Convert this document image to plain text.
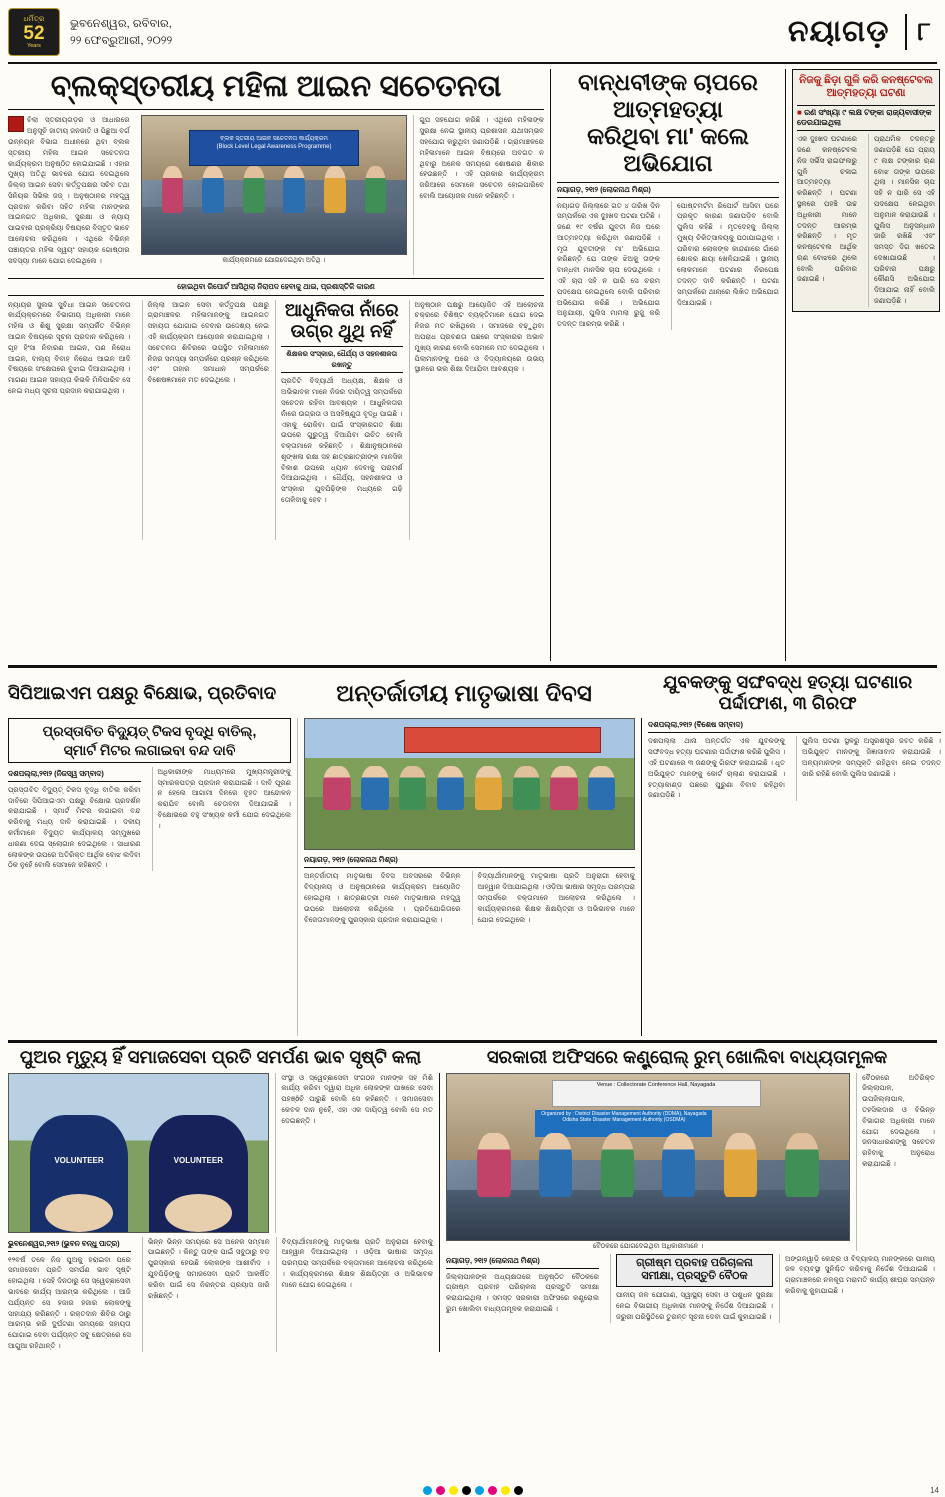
ଧର୍ମିତ୍ର
52
Years
ଭୁବନେଶ୍ୱର, ରବିବାର,
୨୨ ଫେବ୍ରୁଆରୀ, ୨୦୨୨	ନୟାଗଡ଼ ୮
ବ୍ଲକ୍‌ସ୍ତରୀୟ ମହିଳା ଆଇନ ସଚେତନତା
ବିଲା ସ୍ତରୀୟଗଡ଼ର ଓ ଆଧାରରେ ଅନୁସୂଚି ଜାତୀୟ ଜନଜାତି ଓ ପିଛୁଆ ବର୍ଗ ଉନ୍ନୟନ ବିଭାଗ ଅଧୀନରେ ଥିବା ବ୍ଲକ ସ୍ତରୀୟ ମହିଳା ଆଇନ ସଚେତନତା କାର୍ଯ୍ୟକ୍ରମ ଅନୁଷ୍ଠିତ ହୋଇଯାଇଛି । ଏହାର ମୁଖ୍ୟ ଅତିଥି ଭାବରେ ଯୋଗ ଦେଇଥିଲେ ଜିଲ୍ଲା ଆଇନ ସେବା କର୍ତ୍ତୃପକ୍ଷର ସଚିବ ତଥା ସିନିୟର ସିଭିଲ ଜଜ୍ । ଅନୁଷ୍ଠାନର ମହତ୍ତ୍ୱ ପ୍ରଦାନ କରିବା ସହିତ ମହିଳା ମାନଙ୍କର ଆଇନଗତ ଅଧିକାର, ସୁରକ୍ଷା ଓ ନ୍ୟାୟ ପାଇବାର ପ୍ରକ୍ରିୟା ବିଷୟରେ ବିସ୍ତୃତ ଭାବେ ଆଲୋଚନା କରିଥିଲେ । ଏଥିରେ ବିଭିନ୍ନ ପଞ୍ଚାୟତର ମହିଳା ସ୍ୱୟଂ ସହାୟକ ଗୋଷ୍ଠୀର ସଦସ୍ୟା ମାନେ ଯୋଗ ଦେଇଥିଲେ ।
ବ୍ଲକ ସ୍ତରୀୟ ଆଇନ ସଚେତନତା କାର୍ଯ୍ୟକ୍ରମ
(Block Level Legal Awareness Programme)
କାର୍ଯ୍ୟକ୍ରମରେ ଯୋଗଦେଇଥିବା ଅତିଥି ।
ଗୁପ ସହଯୋଗ କରିଛି । ଏଥିରେ ମହିଳାଙ୍କ ସୁରକ୍ଷା ନେଇ ସ୍ଥାନୀୟ ପ୍ରଶାସନ ଯଥାସମ୍ଭବ ସହଯୋଗ କରୁଥିବା ଜଣାପଡ଼ିଛି । ଗ୍ରାମାଞ୍ଚଳରେ ମହିଳାମାନେ ଆଇନ ବିଷୟରେ ଅବଗତ ନ ଥିବାରୁ ଅନେକ ସମୟରେ ଶୋଷଣର ଶିକାର ହେଉଛନ୍ତି । ଏହି ପ୍ରକାର କାର୍ଯ୍ୟକ୍ରମ ଜରିଆରେ ସେମାନେ ସଚେତନ ହୋଇପାରିବେ ବୋଲି ଆୟୋଜକ ମାନେ କହିଛନ୍ତି ।
ହୋଇଥିବା ରିପୋର୍ଟ ଆସିଥିଲା ନିରାପଦ ହେବାକୁ ଥାଇ, ପ୍ରଶାସ୍ତିଳି କାରଣ
ନ୍ୟାୟର ସୁଲଭ ସୁବିଧା ଆଇନ ସଚେତନତା କାର୍ଯ୍ୟକ୍ରମରେ ବିଭାଗୀୟ ଅଧିକାରୀ ମାନେ ମହିଳା ଓ ଶିଶୁ ସୁରକ୍ଷା ସମ୍ପର୍କିତ ବିଭିନ୍ନ ଆଇନ ବିଷୟରେ ସୂଚନା ପ୍ରଦାନ କରିଥିଲେ । ଗୃହ ହିଂସା ନିବାରଣ ଆଇନ, ପଣ ନିରୋଧ ଆଇନ, ବାଲ୍ୟ ବିବାହ ନିରୋଧ ଆଇନ ଆଦି ବିଷୟରେ ସଂକ୍ଷେପରେ ବୁଝାଇ ଦିଆଯାଇଥିଲା । ମାଗଣା ଆଇନ ସହାୟତା କିଭଳି ମିଳିପାରିବ ସେ ନେଇ ମଧ୍ୟ ସୂଚନା ପ୍ରଦାନ କରାଯାଇଥିଲା ।
ଜିଲ୍ଲା ଆଇନ ସେବା କର୍ତ୍ତୃପକ୍ଷ ପକ୍ଷରୁ ଗ୍ରାମାଞ୍ଚଳର ମହିଳାମାନଙ୍କୁ ଆଇନଗତ ସହାୟତା ଯୋଗାଇ ଦେବାର ଉଦ୍ଦେଶ୍ୟ ନେଇ ଏହି କାର୍ଯ୍ୟକ୍ରମ ଆୟୋଜନ କରାଯାଇଥିଲା । ସଚେତନତା ଶିବିରରେ ଉପସ୍ଥିତ ମହିଳାମାନେ ନିଜର ସମସ୍ୟା ସମ୍ପର୍କରେ ପ୍ରଶ୍ନ କରିଥିଲେ ଏବଂ ତାହାର ସମାଧାନ ସମ୍ପର୍କରେ ବିଶେଷଜ୍ଞମାନେ ମତ ଦେଇଥିଲେ ।
ଆଧୁନିକତା ନାଁରେ ଉଗ୍ର ଥୁଥି ନହିଁ
ଶିକ୍ଷକର ସଂସ୍କାର, ଧୈର୍ଯ୍ୟ ଓ ସହନଶୀଳତା ରଖନ୍ତୁ
ପ୍ରତିଟି ବିଦ୍ୟାର୍ଥୀ ଅଧ୍ୟକ୍ଷ, ଶିକ୍ଷକ ଓ ଅଭିଭାବକ ମାନେ ନିଜର ଦାୟିତ୍ୱ ସମ୍ପର୍କରେ ସଚେତନ ରହିବା ଆବଶ୍ୟକ । ଆଧୁନିକତାର ନାଁରେ ଉଗ୍ରତା ଓ ଅସହିଷ୍ଣୁତା ବୃଦ୍ଧି ପାଇଛି । ଏହାକୁ ରୋକିବା ପାଇଁ ସଂସ୍କାରଗତ ଶିକ୍ଷା ଉପରେ ଗୁରୁତ୍ୱ ଦିଆଯିବା ଉଚିତ ବୋଲି ବକ୍ତାମାନେ କହିଛନ୍ତି । ଶିକ୍ଷାନୁଷ୍ଠାନରେ ଶୃଙ୍ଖଳା ରକ୍ଷା ସହ ଛାତ୍ରଛାତ୍ରୀଙ୍କ ମାନସିକ ବିକାଶ ଉପରେ ଧ୍ୟାନ ଦେବାକୁ ପରାମର୍ଶ ଦିଆଯାଇଥିଲା । ଧୈର୍ଯ୍ୟ, ସହନଶୀଳତା ଓ ସଂସ୍କାର ଯୁବପିଢ଼ିଙ୍କ ମଧ୍ୟରେ ଗଢ଼ି ତୋଳିବାକୁ ହେବ ।
ଅନୁଷ୍ଠାନ ପକ୍ଷରୁ ଆୟୋଜିତ ଏହି ଆଲୋଚନା ଚକ୍ରରେ ବିଶିଷ୍ଟ ବ୍ୟକ୍ତିମାନେ ଯୋଗ ଦେଇ ନିଜର ମତ ରଖିଥିଲେ । ସମାଜରେ ବଢ଼ୁଥିବା ଅପରାଧ ପ୍ରବଣତା ପଛରେ ସଂସ୍କାରର ଅଭାବ ମୁଖ୍ୟ କାରଣ ବୋଲି ସେମାନେ ମତ ଦେଇଥିଲେ । ପିଲାମାନଙ୍କୁ ଘରେ ଓ ବିଦ୍ୟାଳୟରେ ଉଭୟ ସ୍ଥାନରେ ଭଲ ଶିକ୍ଷା ଦିଆଯିବା ଆବଶ୍ୟକ ।
ବାନ୍ଧବୀଙ୍କ ଚାପରେ ଆତ୍ମହତ୍ୟା
କରିଥିବା ମା' କଲେ ଅଭିଯୋଗ
ନୟାଗଡ଼, ୨୧ା୨ (ଲୋକନାଥ ମିଶ୍ର)
ନୟାଗଡ଼ ଜିଲ୍ଲାରେ ଗତ ୪ ତାରିଖ ଦିନ ସମ୍ପର୍କରେ ଏକ ଦୁଃଖଦ ଘଟଣା ଘଟିଛି । ଜଣେ ୧୯ ବର୍ଷର ଯୁବତୀ ନିଜ ଘରେ ଆତ୍ମହତ୍ୟା କରିଥିବା ଜଣାପଡ଼ିଛି । ମୃତା ଯୁବତୀଙ୍କ ମା' ଅଭିଯୋଗ କରିଛନ୍ତି ଯେ ତାଙ୍କ ଝିଅକୁ ତାଙ୍କ ବାନ୍ଧବୀ ମାନସିକ ଚାପ ଦେଉଥିଲେ । ଏହି ଚାପ ସହି ନ ପାରି ସେ ଚରମ ପଦକ୍ଷେପ ନେଇଥିଲେ ବୋଲି ପରିବାର ଅଭିଯୋଗ କରିଛି । ଅଭିଯୋଗ ଅନୁଯାୟୀ, ପୁଲିସ ମାମଲା ରୁଜୁ କରି ତଦନ୍ତ ଆରମ୍ଭ କରିଛି ।
ପୋଷ୍ଟମର୍ଟମ ରିପୋର୍ଟ ଆସିବା ପରେ ପ୍ରକୃତ କାରଣ ଜଣାପଡ଼ିବ ବୋଲି ପୁଲିସ କହିଛି । ମୃତଦେହକୁ ଜିଲ୍ଲା ମୁଖ୍ୟ ଚିକିତ୍ସାଳୟକୁ ପଠାଯାଇଥିଲା । ପରିବାର ଲୋକଙ୍କ କାନ୍ଦଣାରେ ଗାଁରେ ଶୋକର ଛାୟା ଖେଳିଯାଇଛି । ସ୍ଥାନୀୟ ଲୋକମାନେ ଘଟଣାର ନିରପେକ୍ଷ ତଦନ୍ତ ଦାବି କରିଛନ୍ତି । ଘଟଣା ସମ୍ପର୍କରେ ଥାନାରେ ଲିଖିତ ଅଭିଯୋଗ ଦିଆଯାଇଛି ।
ନିଜକୁ ଛିଡ଼ା ଗୁଳି କରି କନଷ୍ଟେବଲ ଆତ୍ମହତ୍ୟା ଘଟଣା
■ ରଣ ସଂଖ୍ୟା ୯ ଲକ୍ଷ ଟଙ୍କା ରାଜ୍ୟବାସୀଙ୍କ ଡେରଯାଇଥିଲା
ଏକ ଦୁଃଖଦ ଘଟଣାରେ ଜଣେ କନଷ୍ଟେବଲ ନିଜ ସର୍ଭିସ ରାଇଫଲରୁ ଗୁଳି ଚଳାଇ ଆତ୍ମହତ୍ୟା କରିଛନ୍ତି । ଘଟଣା ସ୍ଥଳରେ ପହଞ୍ଚି ଉଚ୍ଚ ଅଧିକାରୀ ମାନେ ତଦନ୍ତ ଆରମ୍ଭ କରିଛନ୍ତି । ମୃତ କନଷ୍ଟେବଲ ଆର୍ଥିକ ଋଣ ବୋଝରେ ଥିଲେ ବୋଲି ପରିବାର ଜଣାଇଛି ।
ପ୍ରାଥମିକ ତଦନ୍ତରୁ ଜଣାପଡ଼ିଛି ଯେ ପ୍ରାୟ ୯ ଲକ୍ଷ ଟଙ୍କାର ଋଣ ବୋଝ ତାଙ୍କ ଉପରେ ଥିଲା । ମାନସିକ ଚାପ ସହି ନ ପାରି ସେ ଏହି ପଦକ୍ଷେପ ନେଇଥିବା ଅନୁମାନ କରାଯାଉଛି । ପୁଲିସ ଅନୁସନ୍ଧାନ ଜାରି ରଖିଛି ଏବଂ ସମସ୍ତ ଦିଗ ଖତେଇ ଦେଖାଯାଉଛି । ପରିବାର ପକ୍ଷରୁ କୌଣସି ଅଭିଯୋଗ ଦିଆଯାଇ ନାହିଁ ବୋଲି ଜଣାପଡ଼ିଛି ।
ସିପିଆଇଏମ ପକ୍ଷରୁ ବିକ୍ଷୋଭ, ପ୍ରତିବାଦ	ଅନ୍ତର୍ଜାତୀୟ ମାତୃଭାଷା ଦିବସ	ଯୁବକଙ୍କୁ ସଙ୍ଘବଦ୍ଧ ହତ୍ୟା ଘଟଣାର ପର୍ଦ୍ଦାଫାଶ, ୩ ଗିରଫ
ପ୍ରସ୍ତାବିତ ବିଦ୍ୟୁତ୍ ଟିକସ ବୃଦ୍ଧି ବାତିଲ୍,
ସ୍ମାର୍ଟ ମିଟର ଲଗାଇବା ବନ୍ଦ ଦାବି
ଦଶପଲ୍ଲା,୨୧ା୨ (ନିଜସ୍ୱ ସମ୍ବାଦ)
ପ୍ରସ୍ତାବିତ ବିଦ୍ୟୁତ୍ ଟିକସ ବୃଦ୍ଧି ବାତିଲ କରିବା ଦାବିରେ ସିପିଆଇଏମ ପକ୍ଷରୁ ବିକ୍ଷୋଭ ପ୍ରଦର୍ଶନ କରାଯାଇଛି । ସ୍ମାର୍ଟ ମିଟର ଲଗାଇବା ବନ୍ଦ କରିବାକୁ ମଧ୍ୟ ଦାବି କରାଯାଇଛି । ଦଳୀୟ କର୍ମୀମାନେ ବିଦ୍ୟୁତ କାର୍ଯ୍ୟାଳୟ ସମ୍ମୁଖରେ ଧାରଣା ଦେଇ ସ୍ଲୋଗାନ ଦେଇଥିଲେ । ସାଧାରଣ ଲୋକଙ୍କ ଉପରେ ଅତିରିକ୍ତ ଆର୍ଥିକ ବୋଝ ଲଦିବା ଠିକ ନୁହେଁ ବୋଲି ସେମାନେ କହିଛନ୍ତି ।
ଅଧିକାରୀଙ୍କ ମାଧ୍ୟମରେ ମୁଖ୍ୟମନ୍ତ୍ରୀଙ୍କୁ ସ୍ମାରକପତ୍ର ପ୍ରଦାନ କରାଯାଇଛି । ଦାବି ପୂରଣ ନ ହେଲେ ଆଗାମୀ ଦିନରେ ବୃହତ ଆନ୍ଦୋଳନ କରାଯିବ ବୋଲି ଚେତାବନୀ ଦିଆଯାଇଛି । ବିକ୍ଷୋଭରେ ବହୁ ସଂଖ୍ୟକ କର୍ମୀ ଯୋଗ ଦେଇଥିଲେ ।
ନୟାଗଡ଼, ୨୧ା୨ (ଲୋକନାଥ ମିଶ୍ର)
ଅନ୍ତର୍ଜାତୀୟ ମାତୃଭାଷା ଦିବସ ଅବସରରେ ବିଭିନ୍ନ ବିଦ୍ୟାଳୟ ଓ ଅନୁଷ୍ଠାନରେ କାର୍ଯ୍ୟକ୍ରମ ଆୟୋଜିତ ହୋଇଥିଲା । ଛାତ୍ରଛାତ୍ରୀ ମାନେ ମାତୃଭାଷାର ମହତ୍ତ୍ୱ ଉପରେ ଆଲୋଚନା କରିଥିଲେ । ପ୍ରତିଯୋଗିତାରେ ବିଜେତାମାନଙ୍କୁ ପୁରସ୍କାର ପ୍ରଦାନ କରାଯାଇଥିଲା ।
ବିଦ୍ୟାର୍ଥୀମାନଙ୍କୁ ମାତୃଭାଷା ପ୍ରତି ଅନୁରାଗୀ ହେବାକୁ ଆହ୍ୱାନ ଦିଆଯାଇଥିଲା । ଓଡ଼ିଆ ଭାଷାର ସମୃଦ୍ଧ ପରମ୍ପରା ସମ୍ପର୍କରେ ବକ୍ତାମାନେ ଆଲୋଚନା କରିଥିଲେ । କାର୍ଯ୍ୟକ୍ରମରେ ଶିକ୍ଷକ ଶିକ୍ଷୟିତ୍ରୀ ଓ ଅଭିଭାବକ ମାନେ ଯୋଗ ଦେଇଥିଲେ ।
ଦଶପଲ୍ଲା,୨୧ା୨ (ବିଶେଷ ସମ୍ବାଦ)
ଦଶପଲ୍ଲା ଥାନା ଅନ୍ତର୍ଗତ ଏକ ଯୁବକଙ୍କୁ ସଙ୍ଘବଦ୍ଧ ହତ୍ୟା ଘଟଣାର ପର୍ଦ୍ଦାଫାଶ କରିଛି ପୁଲିସ । ଏହି ଘଟଣାରେ ୩ ଜଣଙ୍କୁ ଗିରଫ କରାଯାଇଛି । ଧୃତ ଅଭିଯୁକ୍ତ ମାନଙ୍କୁ କୋର୍ଟ ଚାଲାଣ କରାଯାଇଛି । ହତ୍ୟାକାଣ୍ଡ ପଛରେ ପୁରୁଣା ବିବାଦ ରହିଥିବା ଜଣାପଡ଼ିଛି ।
ପୁଲିସ ଘଟଣା ସ୍ଥଳରୁ ଅସ୍ତ୍ରଶସ୍ତ୍ର ଜବତ କରିଛି । ଅଭିଯୁକ୍ତ ମାନଙ୍କୁ ଜିଜ୍ଞାସାବାଦ କରାଯାଉଛି । ଅନ୍ୟମାନଙ୍କ ସମ୍ପୃକ୍ତି ରହିଥିବା ନେଇ ତଦନ୍ତ ଜାରି ରହିଛି ବୋଲି ପୁଲିସ ଜଣାଇଛି ।
ପୁଅର ମୃତ୍ୟୁ ହିଁ ସମାଜସେବା ପ୍ରତି ସମର୍ପଣ ଭାବ ସୃଷ୍ଟି କଲା	ସରକାରୀ ଅଫିସରେ କଣ୍ଟ୍ରୋଲ୍ ରୁମ୍ ଖୋଲିବା ବାଧ୍ୟତାମୂଳକ
VOLUNTEER	VOLUNTEER
ସଂସ୍ଥା ଓ ସ୍ୱେଚ୍ଛାସେବୀ ସଂଗଠନ ମାନଙ୍କ ସହ ମିଶି କାର୍ଯ୍ୟ କରିବା ଦ୍ୱାରା ଅଧିକ ଲୋକଙ୍କ ପାଖରେ ସେବା ପହଞ୍ôଚି ପାରୁଛି ବୋଲି ସେ କହିଛନ୍ତି । ସମାଜସେବା କେବଳ ଦାନ ନୁହେଁ, ଏହା ଏକ ଦାୟିତ୍ୱ ବୋଲି ସେ ମତ ଦେଇଛନ୍ତି ।
ଭୁବନେଶ୍ୱର,୨୧ା୨ (ଭୁବନ ବନ୍ଧୁ ପାତ୍ର)
୧୨ବର୍ଷ ତଳେ ନିଜ ପୁଅକୁ ହରାଇବା ପରେ ସମାଜସେବା ପ୍ରତି ସମର୍ପଣ ଭାବ ସୃଷ୍ଟି ହୋଇଥିଲା । ସେହି ଦିନଠାରୁ ସେ ସ୍ୱେଚ୍ଛାସେବୀ ଭାବରେ କାର୍ଯ୍ୟ ଆରମ୍ଭ କରିଥିଲେ । ଆଜି ପର୍ଯ୍ୟନ୍ତ ସେ ହଜାର ହଜାର ଲୋକଙ୍କୁ ସାହାଯ୍ୟ କରିଛନ୍ତି । ରକ୍ତଦାନ ଶିବିର ଠାରୁ ଆରମ୍ଭ କରି ଦୁର୍ଘଟଣା ସମୟରେ ସହାୟତା ଯୋଗାଇ ଦେବା ପର୍ଯ୍ୟନ୍ତ ସବୁ କ୍ଷେତ୍ରରେ ସେ ଆଗୁଆ ରହିଥାନ୍ତି ।
ଭିନ୍ନ ଭିନ୍ନ ସମୟରେ ସେ ଅନେକ ସମ୍ମାନ ପାଇଛନ୍ତି । କିନ୍ତୁ ତାଙ୍କ ପାଇଁ ସବୁଠାରୁ ବଡ଼ ପୁରସ୍କାର ହେଉଛି ଲୋକଙ୍କ ଆଶୀର୍ବାଦ । ଯୁବପିଢ଼ିଙ୍କୁ ସମାଜସେବା ପ୍ରତି ଆକର୍ଷିତ କରିବା ପାଇଁ ସେ ନିରନ୍ତର ପ୍ରୟାସ ଜାରି ରଖିଛନ୍ତି ।
ବିଦ୍ୟାର୍ଥୀମାନଙ୍କୁ ମାତୃଭାଷା ପ୍ରତି ଅନୁରାଗୀ ହେବାକୁ ଆହ୍ୱାନ ଦିଆଯାଇଥିଲା । ଓଡ଼ିଆ ଭାଷାର ସମୃଦ୍ଧ ପରମ୍ପରା ସମ୍ପର୍କରେ ବକ୍ତାମାନେ ଆଲୋଚନା କରିଥିଲେ । କାର୍ଯ୍ୟକ୍ରମରେ ଶିକ୍ଷକ ଶିକ୍ଷୟିତ୍ରୀ ଓ ଅଭିଭାବକ ମାନେ ଯୋଗ ଦେଇଥିଲେ ।
Venue : Collectorate Conference Hall, Nayagada
Organized by : District Disaster Management Authority (DDMA), Nayagada
Odisha State Disaster Management Authority (OSDMA)
ବୈଠକରେ ଯୋଗଦେଇଥିବା ଅଧିକାରୀମାନେ ।
ବୈଠକରେ ଅତିରିକ୍ତ ଜିଲ୍ଲାପାଳ, ଉପଜିଲ୍ଲାପାଳ, ତହସିଲଦାର ଓ ବିଭିନ୍ନ ବିଭାଗର ଅଧିକାରୀ ମାନେ ଯୋଗ ଦେଇଥିଲେ । ଜନସାଧାରଣଙ୍କୁ ସଚେତନ ରହିବାକୁ ଅନୁରୋଧ କରାଯାଇଛି ।
ନୟାଗଡ଼, ୨୧ା୨ (ଲୋକନାଥ ମିଶ୍ର)
ଜିଲ୍ଲାପାଳଙ୍କ ଅଧ୍ୟକ୍ଷତାରେ ଅନୁଷ୍ଠିତ ବୈଠକରେ ଗ୍ରୀଷ୍ମ ପ୍ରବାହ ପରିଚାଳନା ପ୍ରସ୍ତୁତି ସମୀକ୍ଷା କରାଯାଇଥିଲା । ସମସ୍ତ ସରକାରୀ ଅଫିସରେ କଣ୍ଟ୍ରୋଲ ରୁମ ଖୋଲିବା ବାଧ୍ୟତାମୂଳକ କରାଯାଇଛି ।
ଗ୍ରୀଷ୍ମ ପ୍ରବାହ ପରିଚାଳନା ସମୀକ୍ଷା, ପ୍ରସ୍ତୁତି ବୈଠକ
ପାନୀୟ ଜଳ ଯୋଗାଣ, ସ୍ୱାସ୍ଥ୍ୟ ସେବା ଓ ପଶୁଧନ ସୁରକ୍ଷା ନେଇ ବିଭାଗୀୟ ଅଧିକାରୀ ମାନଙ୍କୁ ନିର୍ଦ୍ଦେଶ ଦିଆଯାଇଛି । ଜରୁରୀ ପରିସ୍ଥିତିରେ ତୁରନ୍ତ ସୂଚନା ଦେବା ପାଇଁ କୁହାଯାଇଛି ।
ଅଙ୍ଗନୱାଡ଼ି କେନ୍ଦ୍ର ଓ ବିଦ୍ୟାଳୟ ମାନଙ୍କରେ ପାନୀୟ ଜଳ ବ୍ୟବସ୍ଥା ସୁନିଶ୍ଚିତ କରିବାକୁ ନିର୍ଦ୍ଦେଶ ଦିଆଯାଇଛି । ଗ୍ରାମାଞ୍ଚଳରେ ନଳକୂପ ମରାମତି କାର୍ଯ୍ୟ ଶୀଘ୍ର ସମ୍ପନ୍ନ କରିବାକୁ କୁହାଯାଇଛି ।
14
